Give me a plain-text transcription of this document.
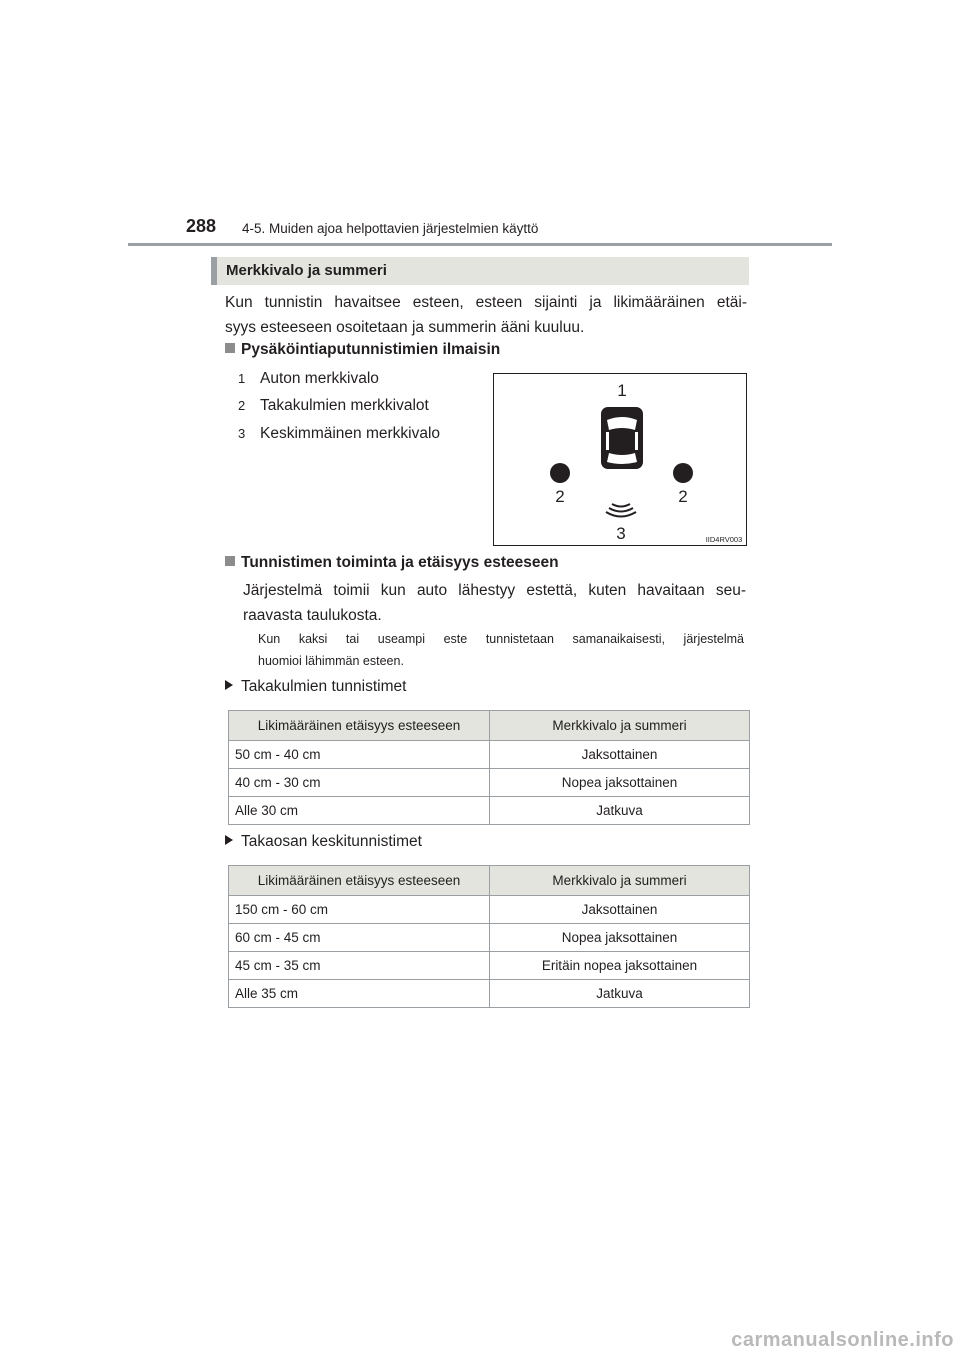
288 4-5. Muiden ajoa helpottavien järjestelmien käyttö
Merkkivalo ja summeri
Kun tunnistin havaitsee esteen, esteen sijainti ja likimääräinen etäi-
syys esteeseen osoitetaan ja summerin ääni kuuluu.
Pysäköintiaputunnistimien ilmaisin
1 Auton merkkivalo
2 Takakulmien merkkivalot
3 Keskimmäinen merkkivalo
1
2	2
3	IID4RV003
Tunnistimen toiminta ja etäisyys esteeseen
Järjestelmä toimii kun auto lähestyy estettä, kuten havaitaan seu-
raavasta taulukosta.
Kun kaksi tai useampi este tunnistetaan samanaikaisesti, järjestelmä
huomioi lähimmän esteen.
Takakulmien tunnistimet
Likimääräinen etäisyys esteeseen	Merkkivalo ja summeri
50 cm - 40 cm	Jaksottainen
40 cm - 30 cm	Nopea jaksottainen
Alle 30 cm	Jatkuva
Takaosan keskitunnistimet
Likimääräinen etäisyys esteeseen	Merkkivalo ja summeri
150 cm - 60 cm	Jaksottainen
60 cm - 45 cm	Nopea jaksottainen
45 cm - 35 cm	Eritäin nopea jaksottainen
Alle 35 cm	Jatkuva
carmanualsonline.info
